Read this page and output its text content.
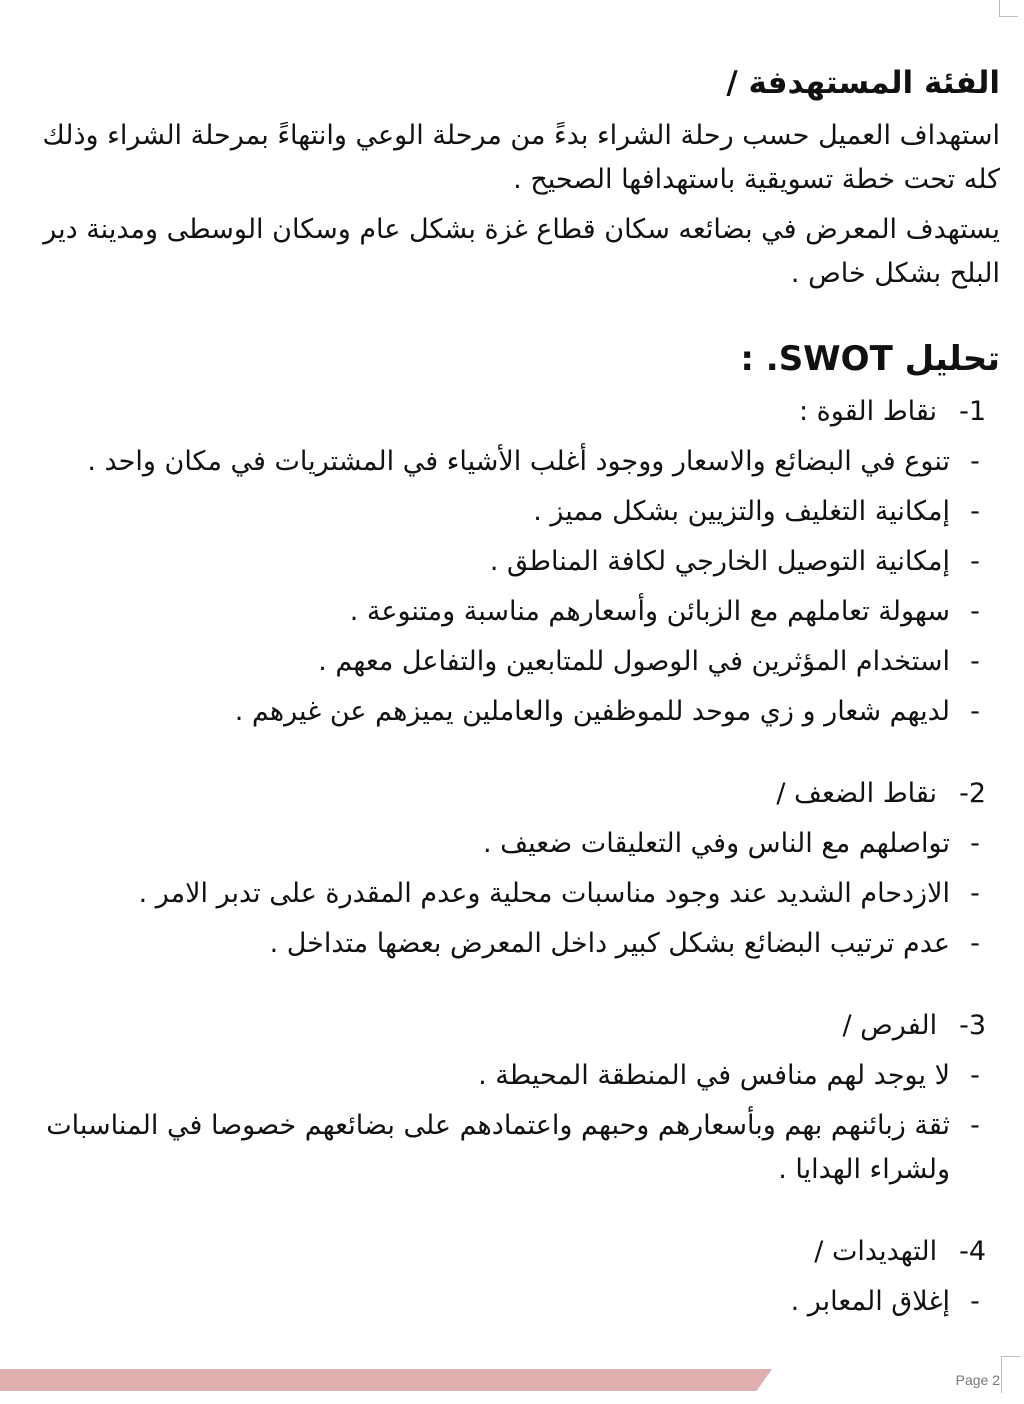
الفئة المستهدفة /

استهداف العميل حسب رحلة الشراء بدءً من مرحلة الوعي وانتهاءً بمرحلة الشراء وذلك كله تحت خطة تسويقية باستهدافها الصحيح .

يستهدف المعرض في بضائعه سكان قطاع غزة بشكل عام وسكان الوسطى ومدينة دير البلح بشكل خاص .

تحليل SWOT. :
-1
نقاط القوة :
-
تنوع في البضائع والاسعار ووجود أغلب الأشياء في المشتريات في مكان واحد .
-
إمكانية التغليف والتزيين بشكل مميز .
-
إمكانية التوصيل الخارجي لكافة المناطق .
-
سهولة تعاملهم مع الزبائن وأسعارهم مناسبة ومتنوعة .
-
استخدام المؤثرين في الوصول للمتابعين والتفاعل معهم .
-
لديهم شعار و زي موحد للموظفين والعاملين يميزهم عن غيرهم .
-2
نقاط الضعف /
-
تواصلهم مع الناس وفي التعليقات ضعيف .
-
الازدحام الشديد عند وجود مناسبات محلية وعدم المقدرة على تدبر الامر .
-
عدم ترتيب البضائع بشكل كبير داخل المعرض بعضها متداخل .
-3
الفرص /
-
لا يوجد لهم منافس في المنطقة المحيطة .
-
ثقة زبائنهم بهم وبأسعارهم وحبهم واعتمادهم على بضائعهم خصوصا في المناسبات ولشراء الهدايا .
-4
التهديدات /
-
إغلاق المعابر .
Page 2
